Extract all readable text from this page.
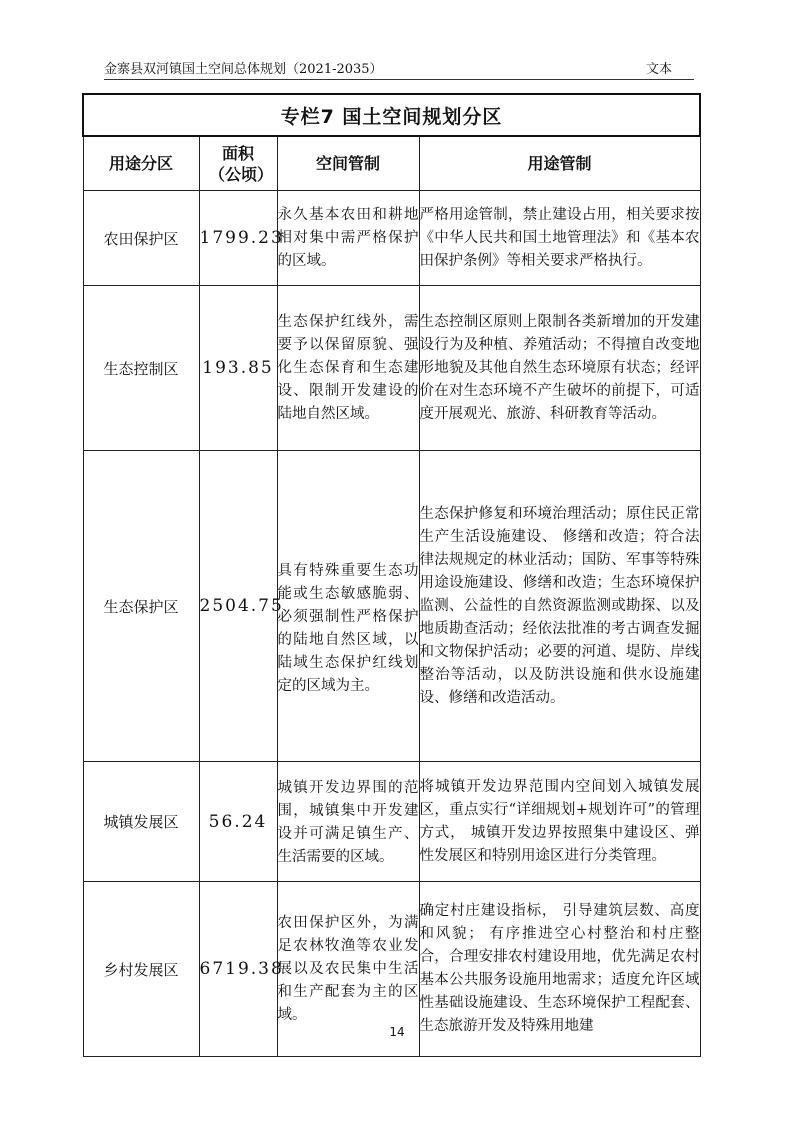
金寨县双河镇国土空间总体规划（2021-2035）	文本
专栏7 国土空间规划分区			
用途分区	面积（公顷）	空间管制	用途管制
农田保护区	1799.23	永久基本农田和耕地相对集中需严格保护的区域。	严格用途管制，禁止建设占用，相关要求按《中华人民共和国土地管理法》和《基本农田保护条例》等相关要求严格执行。
生态控制区	193.85	生态保护红线外，需要予以保留原貌、强化生态保育和生态建设、限制开发建设的陆地自然区域。	生态控制区原则上限制各类新增加的开发建设行为及种植、养殖活动；不得擅自改变地形地貌及其他自然生态环境原有状态；经评价在对生态环境不产生破坏的前提下，可适度开展观光、旅游、科研教育等活动。
生态保护区	2504.75	具有特殊重要生态功能或生态敏感脆弱、必须强制性严格保护的陆地自然区域，以陆域生态保护红线划定的区域为主。	生态保护修复和环境治理活动；原住民正常生产生活设施建设、 修缮和改造；符合法律法规规定的林业活动；国防、军事等特殊用途设施建设、修缮和改造；生态环境保护监测、公益性的自然资源监测或勘探、以及地质勘查活动；经依法批准的考古调查发掘和文物保护活动；必要的河道、堤防、岸线整治等活动，以及防洪设施和供水设施建设、修缮和改造活动。
城镇发展区	56.24	城镇开发边界围的范围，城镇集中开发建设并可满足镇生产、生活需要的区域。	将城镇开发边界范围内空间划入城镇发展区，重点实行“详细规划+规划许可”的管理方式， 城镇开发边界按照集中建设区、弹性发展区和特别用途区进行分类管理。
乡村发展区	6719.38	农田保护区外，为满足农林牧渔等农业发展以及农民集中生活和生产配套为主的区域。	确定村庄建设指标， 引导建筑层数、高度和风貌； 有序推进空心村整治和村庄整合，合理安排农村建设用地，优先满足农村基本公共服务设施用地需求；适度允许区域性基础设施建设、生态环境保护工程配套、生态旅游开发及特殊用地建
14
